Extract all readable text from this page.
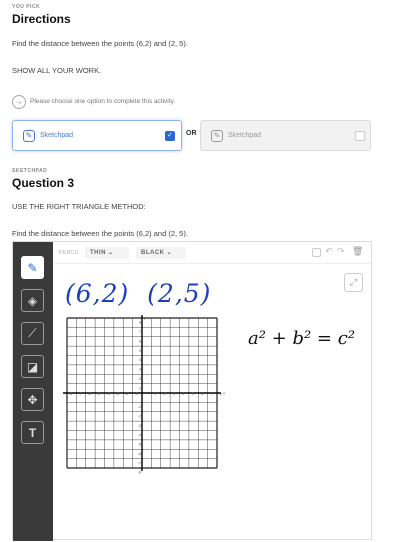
YOU PICK
Directions
Find the distance between the points (6,2) and (2, 5).
SHOW ALL YOUR WORK.
→	Please choose one option to complete this activity.
✎	Sketchpad	✓ OR	✎	Sketchpad
SKETCHPAD
Question 3
USE THE RIGHT TRIANGLE METHOD:
Find the distance between the points (6,2) and (2, 5).
✎
◈
⟋
◪
✥
T
PENCIL	THIN ⌄	BLACK ⌄	↶ ↷ 🗑
⤢
(6,2)  (2,5)
-8 -7 -6 -5 -4 -3 -2 -1	1 2 3 4 5 6 7 8
8
7
6
5
4
3
2
1
-1
-2
-3
-4
-5
-6
-7
-8
x
y
a² + b² = c²
